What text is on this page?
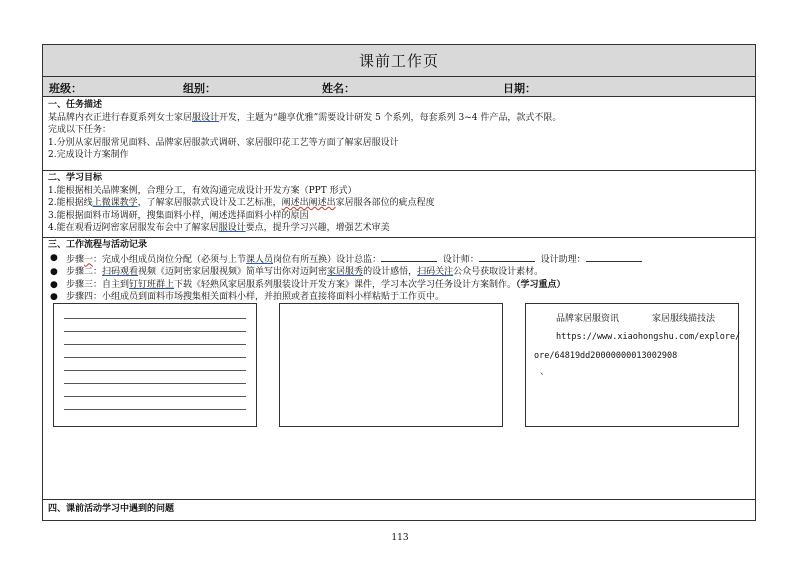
课前工作页
班级：	组别：	姓名：	日期：
一、任务描述
某品牌内衣正进行春夏系列女士家居服设计开发，主题为“趣享优雅”需要设计研发 5 个系列，每套系列 3~4 件产品，款式不限。
完成以下任务：
1.分別从家居服常见面料、品牌家居服款式调研、家居服印花工艺等方面了解家居服设计
2.完成设计方案制作
二、学习目标
1.能根据相关品牌案例，合理分工，有效沟通完成设计开发方案（PPT 形式）
2.能根据线上微课教学，了解家居服款式设计及工艺标准，阐述出阐述出家居服各部位的疵点程度
3.能根据面料市场调研，搜集面料小样，阐述选择面料小样的原因
4.能在观看迈阿密家居服发布会中了解家居服设计要点，提升学习兴趣，增强艺术审美
三、工作流程与活动记录
● 步骤一：完成小组成员岗位分配（必须与上节课人员岗位有所互换）设计总监：	设计师：	设计助理：
● 步骤二：扫码观看视频《迈阿密家居服视频》简单写出你对迈阿密家居服秀的设计感悟，扫码关注公众号获取设计素材。
● 步骤三：自主到钉钉班群上下载《轻熟风家居服系列服装设计开发方案》课件，学习本次学习任务设计方案制作。（学习重点）
● 步骤四：小组成员到面料市场搜集相关面料小样，并拍照或者直接将面料小样粘贴于工作页中。
品牌家居服资讯	家居服线描技法
https://www.xiaohongshu.com/explore/
ore/64819dd20000000013002908
、
四、课前活动学习中遇到的问题
113
